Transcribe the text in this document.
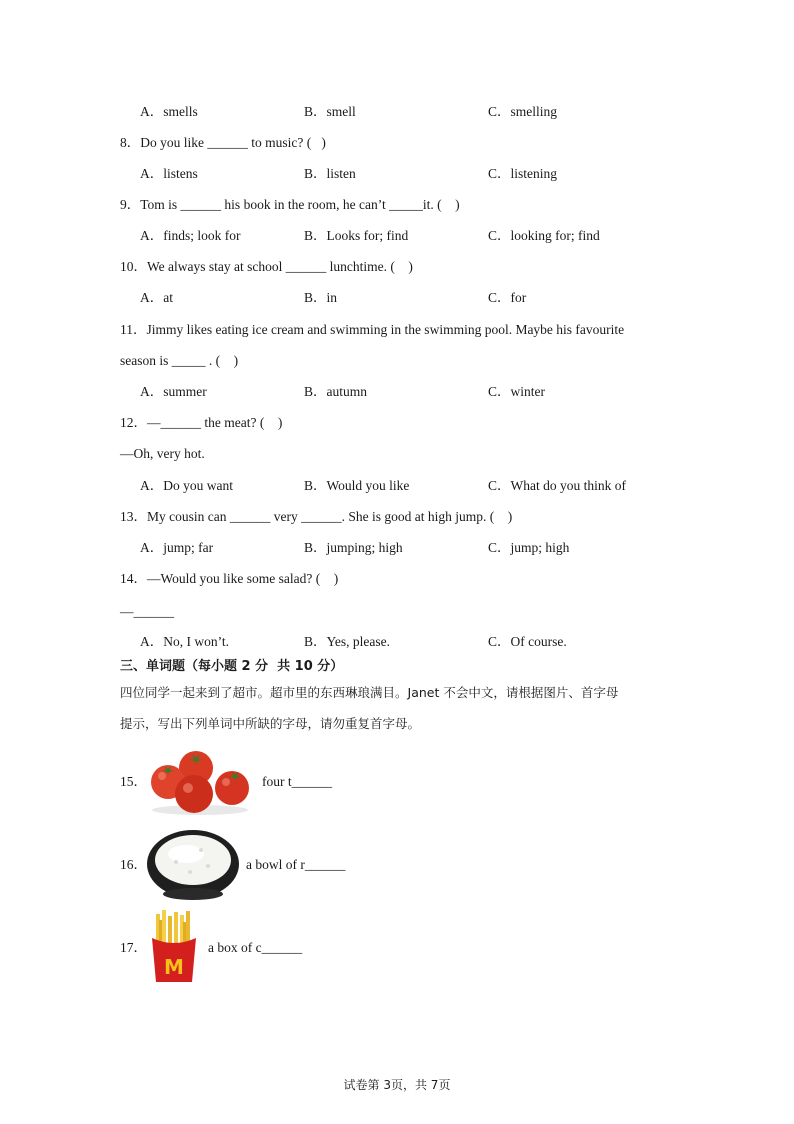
A．smells	B．smell	C．smelling
8．Do you like ______ to music? (   )
A．listens	B．listen	C．listening
9．Tom is ______ his book in the room, he can’t _____it. (    )
A．finds; look for	B．Looks for; find	C．looking for; find
10．We always stay at school ______ lunchtime. (    )
A．at	B．in	C．for
11．Jimmy likes eating ice cream and swimming in the swimming pool. Maybe his favourite
season is _____ . (    )
A．summer	B．autumn	C．winter
12．—______ the meat? (    )
—Oh, very hot.
A．Do you want	B．Would you like	C．What do you think of
13．My cousin can ______ very ______. She is good at high jump. (    )
A．jump; far	B．jumping; high	C．jump; high
14．—Would you like some salad? (    )
—______
A．No, I won’t.	B．Yes, please.	C．Of course.
三、单词题（每小题 2 分  共 10 分）
四位同学一起来到了超市。超市里的东西琳琅满目。Janet 不会中文，请根据图片、首字母
提示，写出下列单词中所缺的字母，请勿重复首字母。
15．	four t______
16．	a bowl of r______
17．
M
a box of c______
试卷第 3页，共 7页
